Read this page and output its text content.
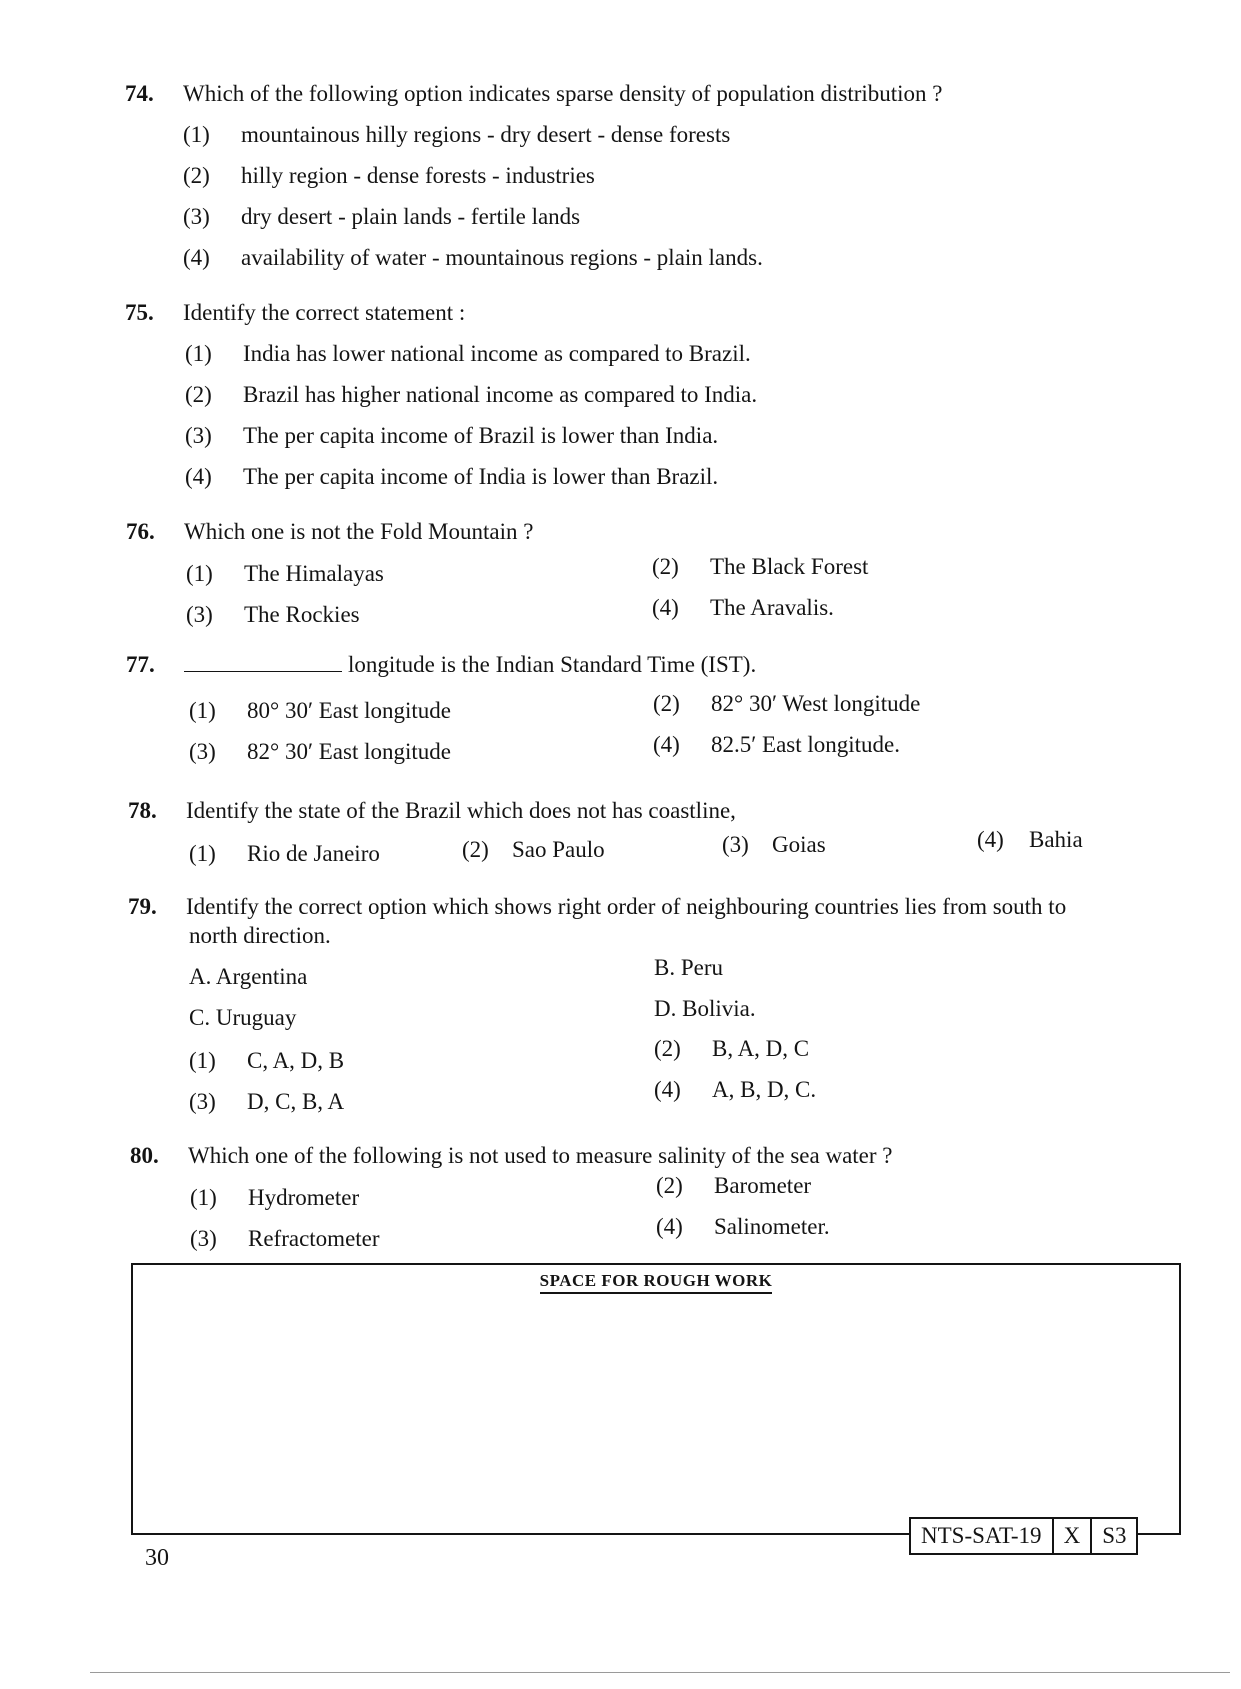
74. Which of the following option indicates sparse density of population distribution ?
(1) mountainous hilly regions - dry desert - dense forests
(2) hilly region - dense forests - industries
(3) dry desert - plain lands - fertile lands
(4) availability of water - mountainous regions - plain lands.
75. Identify the correct statement :
(1) India has lower national income as compared to Brazil.
(2) Brazil has higher national income as compared to India.
(3) The per capita income of Brazil is lower than India.
(4) The per capita income of India is lower than Brazil.
76. Which one is not the Fold Mountain ?
(1) The Himalayas	(2) The Black Forest
(3) The Rockies	(4) The Aravalis.
77.	longitude is the Indian Standard Time (IST).
(1) 80° 30′ East longitude	(2) 82° 30′ West longitude
(3) 82° 30′ East longitude	(4) 82.5′ East longitude.
78. Identify the state of the Brazil which does not has coastline,
(1) Rio de Janeiro	(2) Sao Paulo	(3) Goias	(4) Bahia
79. Identify the correct option which shows right order of neighbouring countries lies from south to
north direction.
A. Argentina	B. Peru
C. Uruguay	D. Bolivia.
(1) C, A, D, B	(2) B, A, D, C
(3) D, C, B, A	(4) A, B, D, C.
80. Which one of the following is not used to measure salinity of the sea water ?
(1) Hydrometer	(2) Barometer
(3) Refractometer	(4) Salinometer.
SPACE FOR ROUGH WORK
NTS-SAT-19 X S3
30
